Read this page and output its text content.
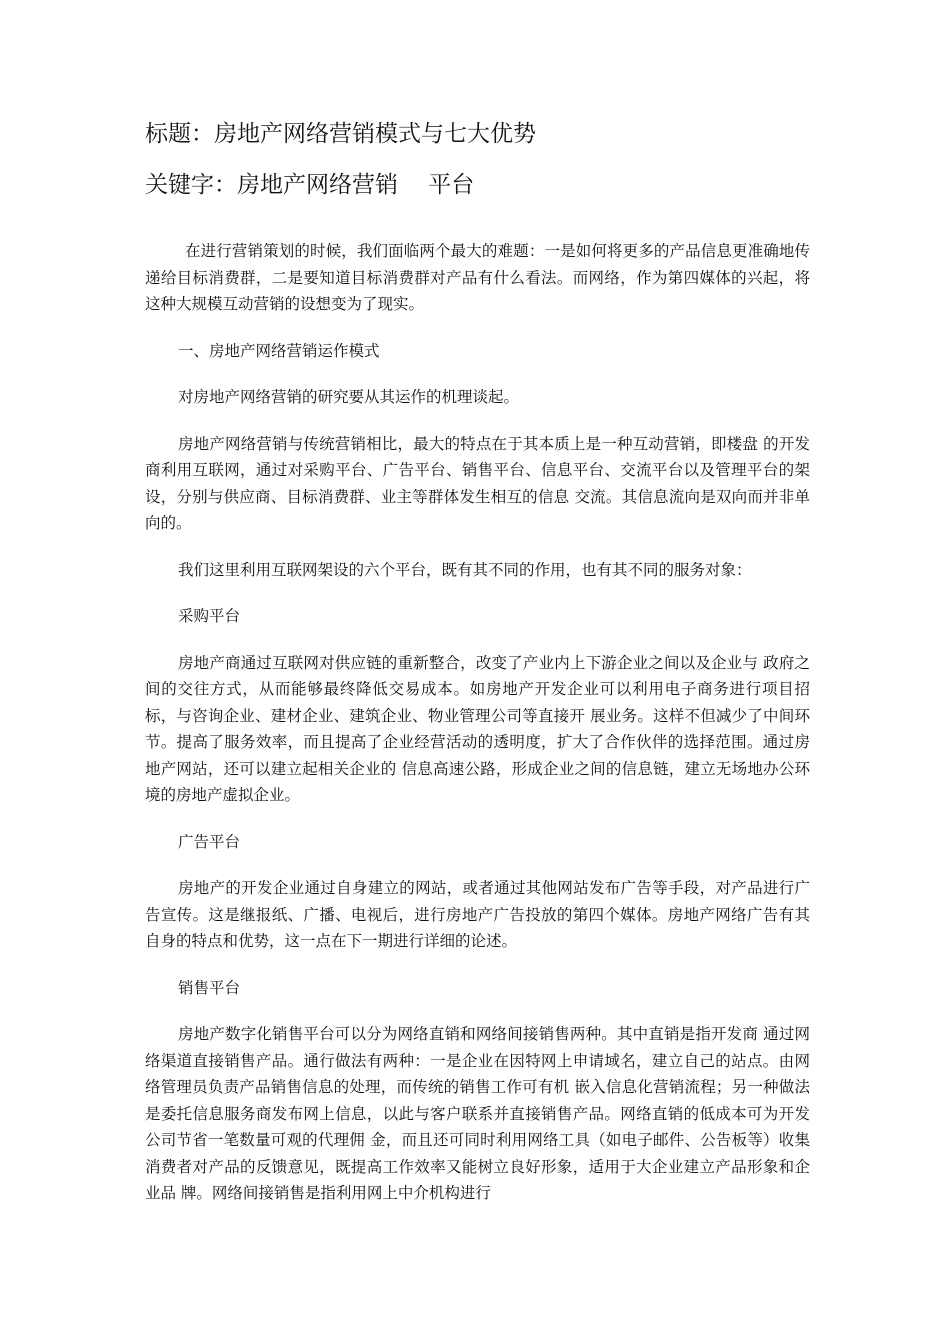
标题：房地产网络营销模式与七大优势
关键字：房地产网络营销　 平台

在进行营销策划的时候，我们面临两个最大的难题：一是如何将更多的产品信息更准确地传递给目标消费群，二是要知道目标消费群对产品有什么看法。而网络，作为第四媒体的兴起，将这种大规模互动营销的设想变为了现实。

一、房地产网络营销运作模式

对房地产网络营销的研究要从其运作的机理谈起。

房地产网络营销与传统营销相比，最大的特点在于其本质上是一种互动营销，即楼盘 的开发商利用互联网，通过对采购平台、广告平台、销售平台、信息平台、交流平台以及管理平台的架设，分别与供应商、目标消费群、业主等群体发生相互的信息 交流。其信息流向是双向而并非单向的。

我们这里利用互联网架设的六个平台，既有其不同的作用，也有其不同的服务对象：

采购平台

房地产商通过互联网对供应链的重新整合，改变了产业内上下游企业之间以及企业与 政府之间的交往方式，从而能够最终降低交易成本。如房地产开发企业可以利用电子商务进行项目招标，与咨询企业、建材企业、建筑企业、物业管理公司等直接开 展业务。这样不但减少了中间环节。提高了服务效率，而且提高了企业经营活动的透明度，扩大了合作伙伴的选择范围。通过房地产网站，还可以建立起相关企业的 信息高速公路，形成企业之间的信息链，建立无场地办公环境的房地产虚拟企业。

广告平台

房地产的开发企业通过自身建立的网站，或者通过其他网站发布广告等手段，对产品进行广告宣传。这是继报纸、广播、电视后，进行房地产广告投放的第四个媒体。房地产网络广告有其自身的特点和优势，这一点在下一期进行详细的论述。

销售平台

房地产数字化销售平台可以分为网络直销和网络间接销售两种。其中直销是指开发商 通过网络渠道直接销售产品。通行做法有两种：一是企业在因特网上申请域名，建立自己的站点。由网络管理员负责产品销售信息的处理，而传统的销售工作可有机 嵌入信息化营销流程；另一种做法是委托信息服务商发布网上信息，以此与客户联系并直接销售产品。网络直销的低成本可为开发公司节省一笔数量可观的代理佣 金，而且还可同时利用网络工具（如电子邮件、公告板等）收集消费者对产品的反馈意见，既提高工作效率又能树立良好形象，适用于大企业建立产品形象和企业品 牌。网络间接销售是指利用网上中介机构进行
